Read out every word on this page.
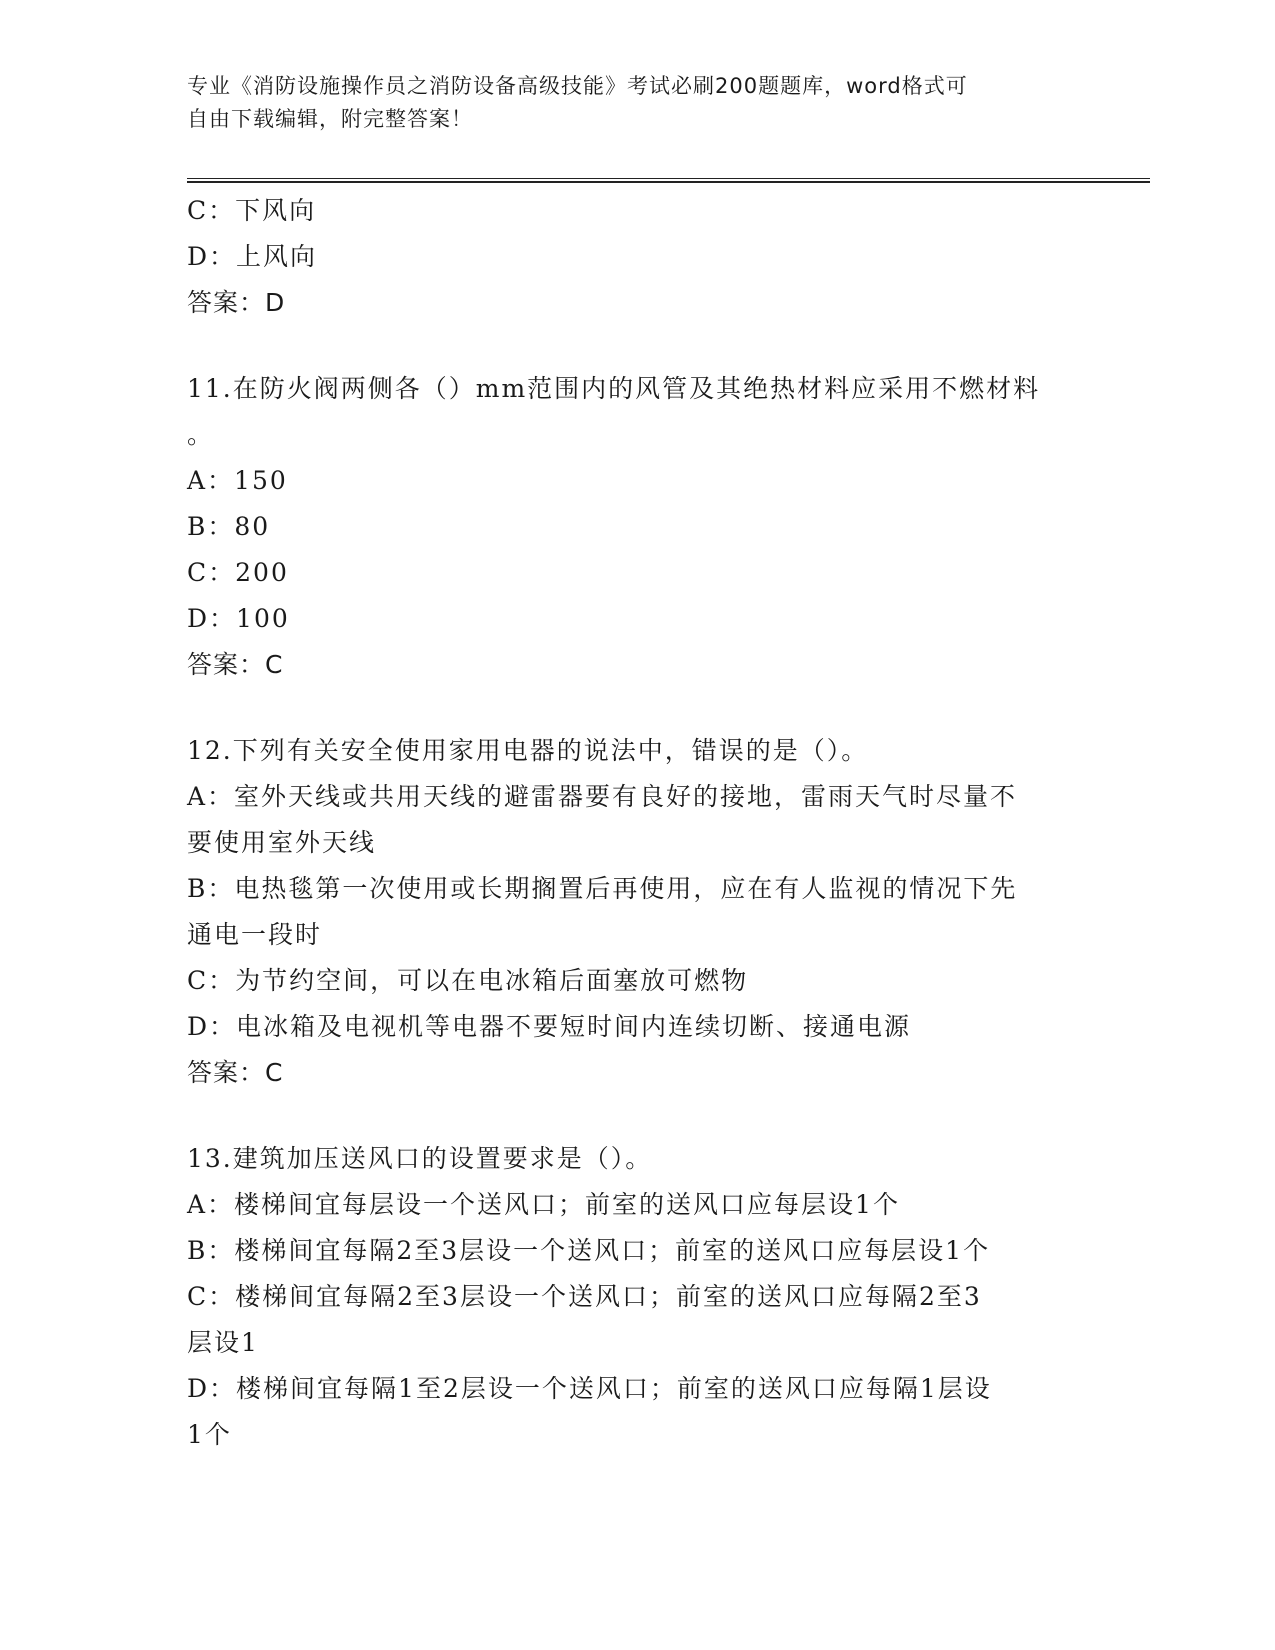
专业《消防设施操作员之消防设备高级技能》考试必刷200题题库，word格式可
自由下载编辑，附完整答案！
C：下风向
D：上风向
答案：D
11.在防火阀两侧各（）mm范围内的风管及其绝热材料应采用不燃材料
。
A：150
B：80
C：200
D：100
答案：C
12.下列有关安全使用家用电器的说法中，错误的是（）。
A：室外天线或共用天线的避雷器要有良好的接地，雷雨天气时尽量不
要使用室外天线
B：电热毯第一次使用或长期搁置后再使用，应在有人监视的情况下先
通电一段时
C：为节约空间，可以在电冰箱后面塞放可燃物
D：电冰箱及电视机等电器不要短时间内连续切断、接通电源
答案：C
13.建筑加压送风口的设置要求是（）。
A：楼梯间宜每层设一个送风口；前室的送风口应每层设1个
B：楼梯间宜每隔2至3层设一个送风口；前室的送风口应每层设1个
C：楼梯间宜每隔2至3层设一个送风口；前室的送风口应每隔2至3
层设1
D：楼梯间宜每隔1至2层设一个送风口；前室的送风口应每隔1层设
1个
